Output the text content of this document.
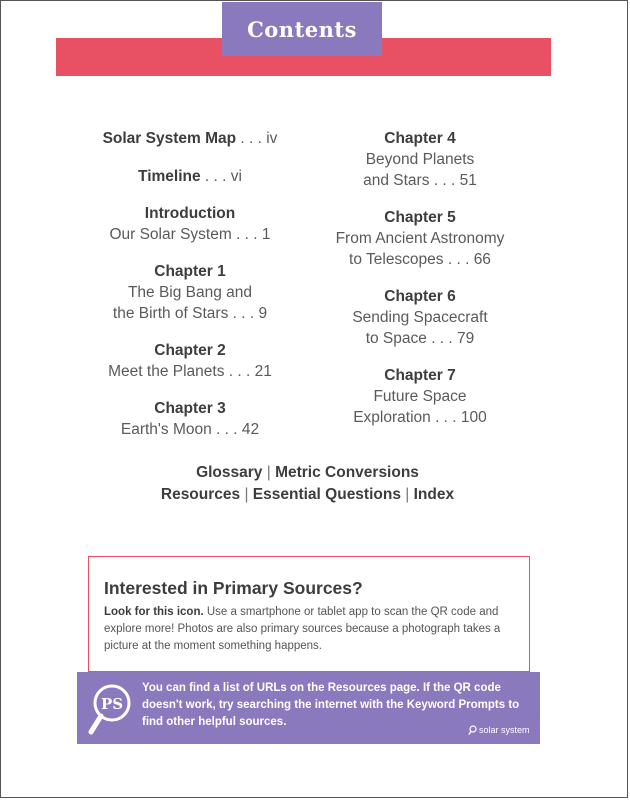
Contents

Solar System Map . . . iv

Timeline . . . vi

Introduction
Our Solar System . . . 1
Chapter 1
The Big Bang and
the Birth of Stars . . . 9
Chapter 2
Meet the Planets . . . 21
Chapter 3
Earth's Moon . . . 42
Chapter 4
Beyond Planets
and Stars . . . 51
Chapter 5
From Ancient Astronomy
to Telescopes . . . 66
Chapter 6
Sending Spacecraft
to Space . . . 79
Chapter 7
Future Space
Exploration . . . 100
Glossary | Metric Conversions
Resources | Essential Questions | Index
Interested in Primary Sources?
Look for this icon. Use a smartphone or tablet app to scan the QR code and explore more! Photos are also primary sources because a photograph takes a picture at the moment something happens.
PS
You can find a list of URLs on the Resources page. If the QR code doesn't work, try searching the internet with the Keyword Prompts to find other helpful sources.
solar system
